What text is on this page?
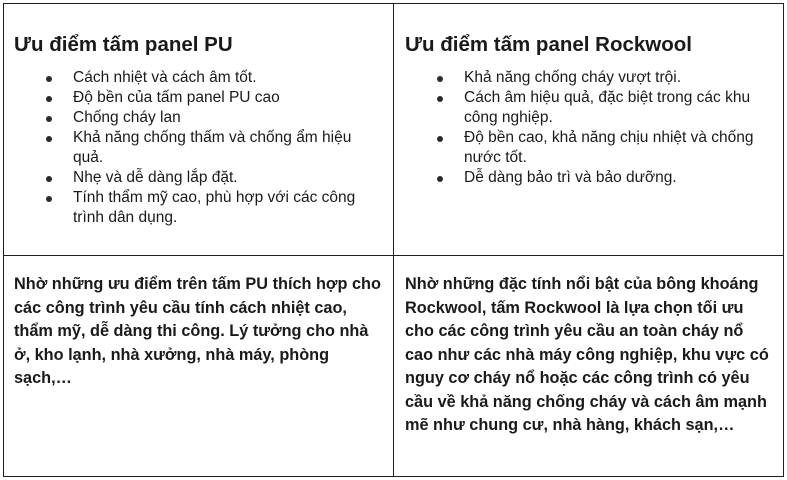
Ưu điểm tấm panel PU
Cách nhiệt và cách âm tốt.
Độ bền của tấm panel PU cao
Chống cháy lan
Khả năng chống thấm và chống ẩm hiệu quả.
Nhẹ và dễ dàng lắp đặt.
Tính thẩm mỹ cao, phù hợp với các công trình dân dụng.
Ưu điểm tấm panel Rockwool
Khả năng chống cháy vượt trội.
Cách âm hiệu quả, đặc biệt trong các khu công nghiệp.
Độ bền cao, khả năng chịu nhiệt và chống nước tốt.
Dễ dàng bảo trì và bảo dưỡng.

Nhờ những ưu điểm trên tấm PU thích hợp cho các công trình yêu cầu tính cách nhiệt cao, thẩm mỹ, dễ dàng thi công. Lý tưởng cho nhà ở, kho lạnh, nhà xưởng, nhà máy, phòng sạch,…

Nhờ những đặc tính nổi bật của bông khoáng Rockwool, tấm Rockwool là lựa chọn tối ưu cho các công trình yêu cầu an toàn cháy nổ cao như các nhà máy công nghiệp, khu vực có nguy cơ cháy nổ hoặc các công trình có yêu cầu về khả năng chống cháy và cách âm mạnh mẽ như chung cư, nhà hàng, khách sạn,…
